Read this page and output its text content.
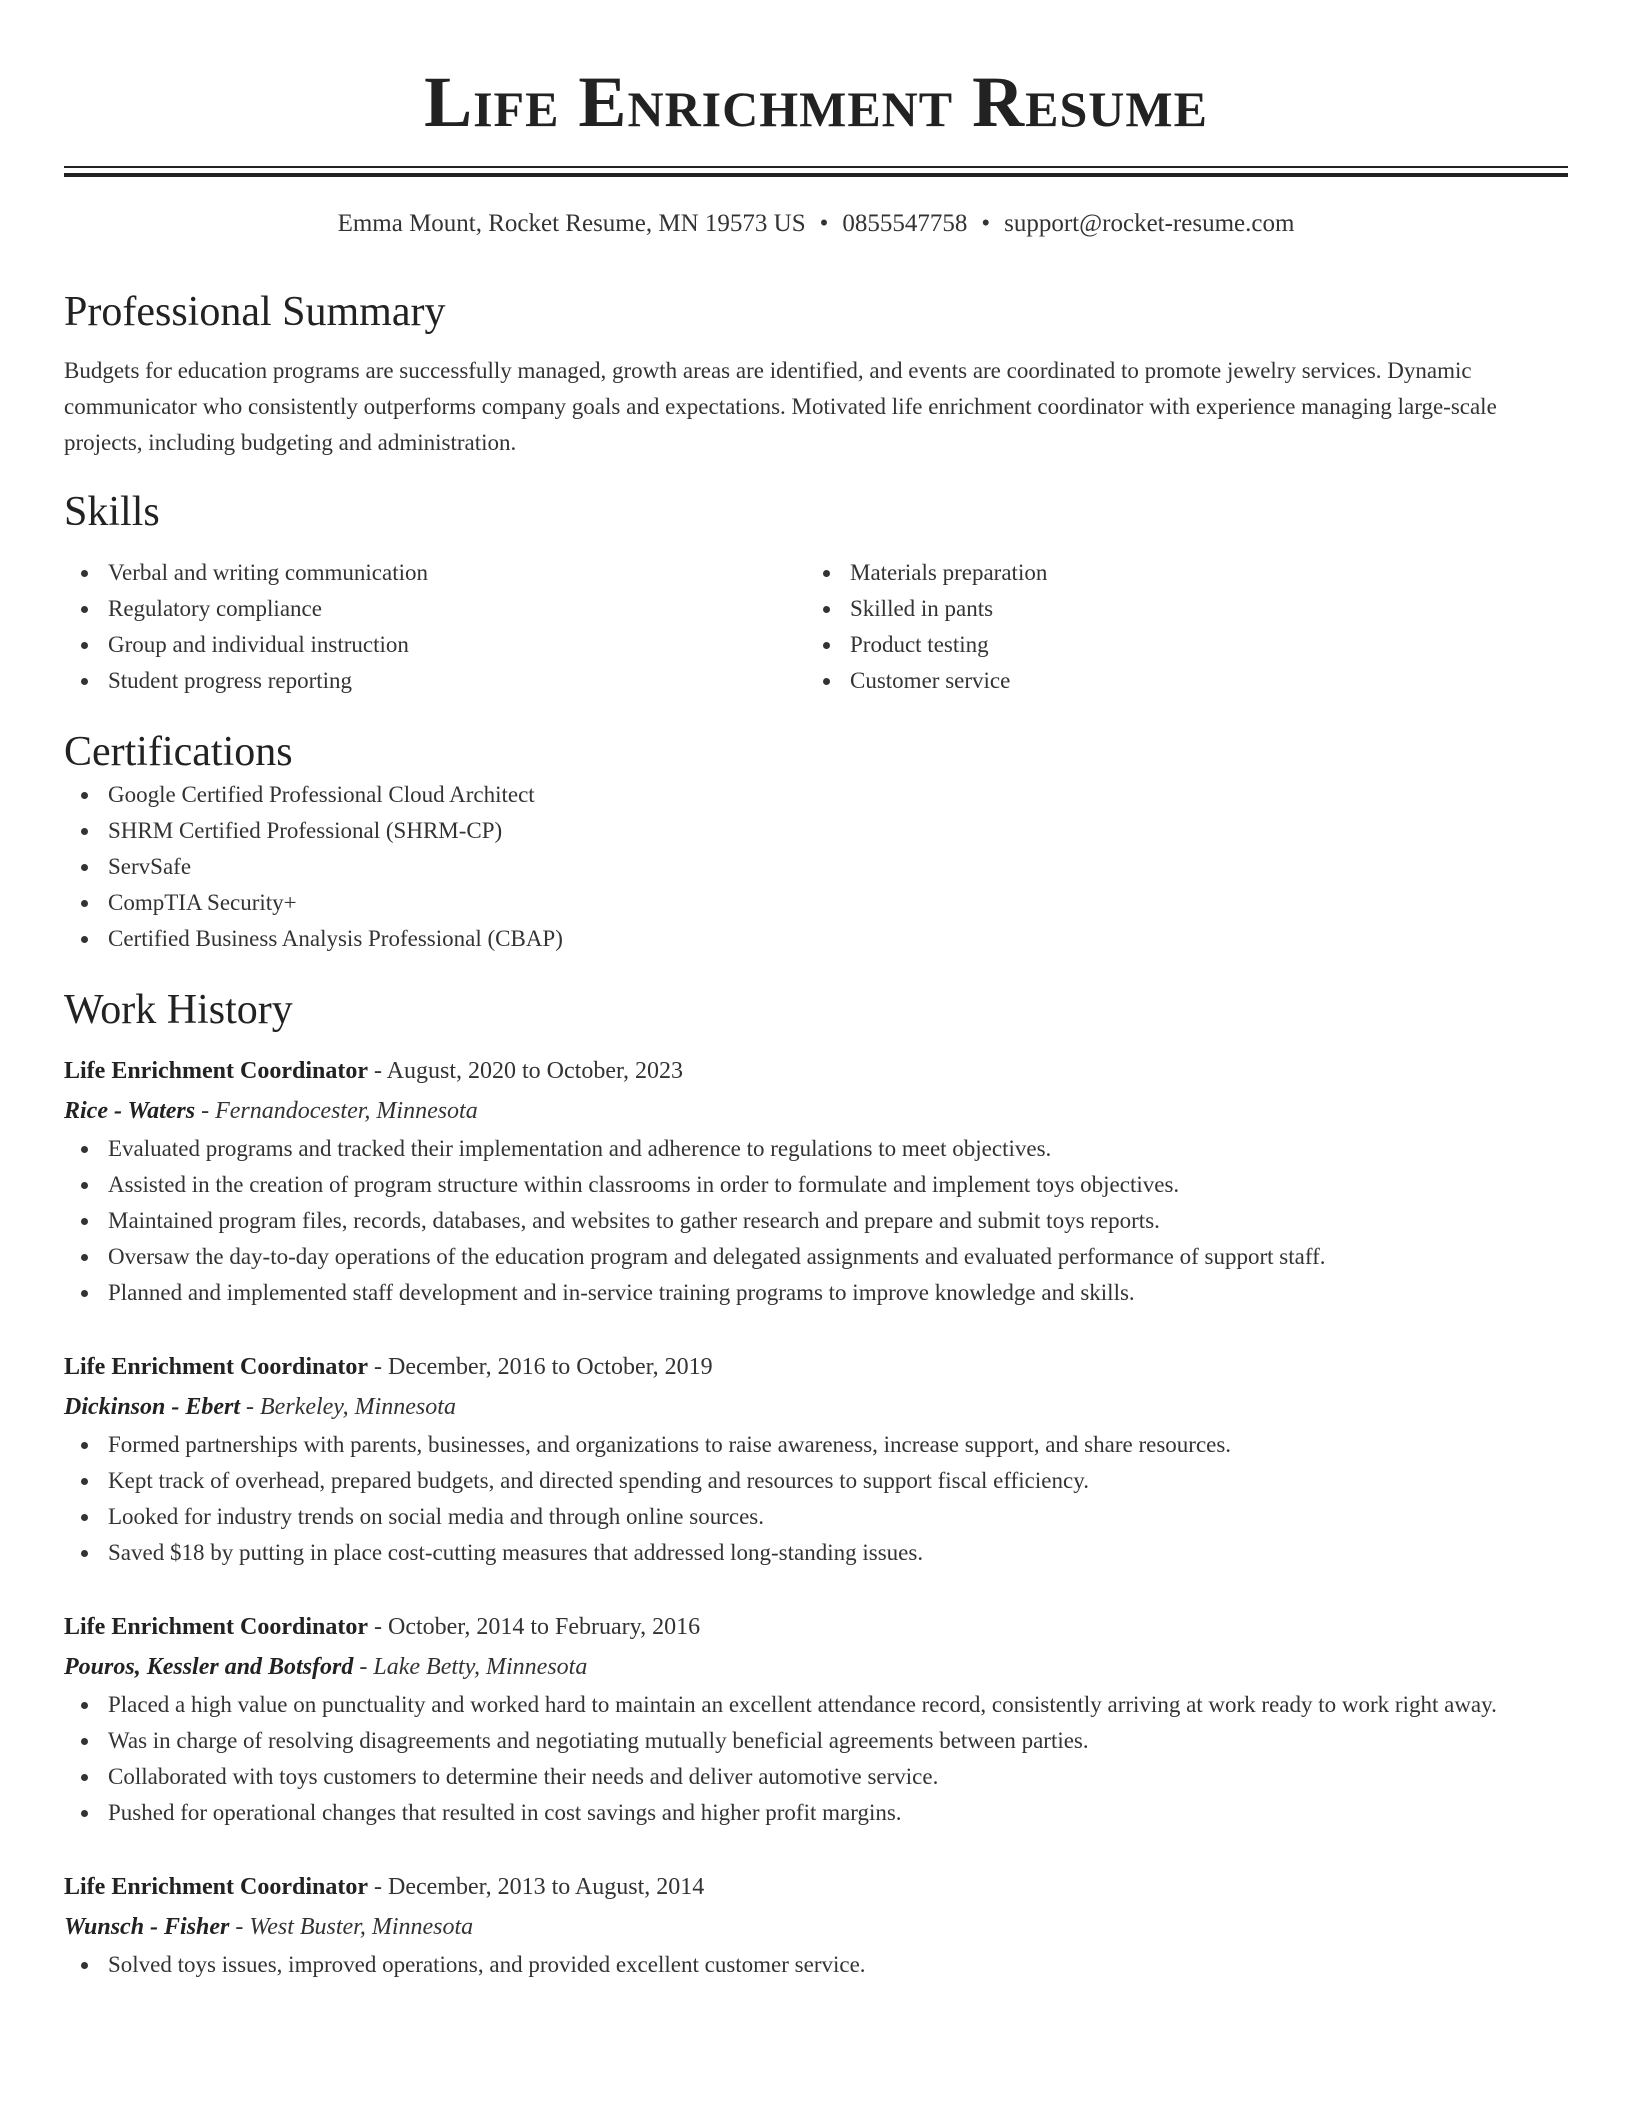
Life Enrichment Resume
Emma Mount, Rocket Resume, MN 19573 US • 0855547758 • support@rocket-resume.com
Professional Summary
Budgets for education programs are successfully managed, growth areas are identified, and events are coordinated to promote jewelry services. Dynamic communicator who consistently outperforms company goals and expectations. Motivated life enrichment coordinator with experience managing large-scale projects, including budgeting and administration.
Skills
Verbal and writing communication
Regulatory compliance
Group and individual instruction
Student progress reporting
Materials preparation
Skilled in pants
Product testing
Customer service
Certifications
Google Certified Professional Cloud Architect
SHRM Certified Professional (SHRM-CP)
ServSafe
CompTIA Security+
Certified Business Analysis Professional (CBAP)
Work History
Life Enrichment Coordinator - August, 2020 to October, 2023
Rice - Waters - Fernandocester, Minnesota
Evaluated programs and tracked their implementation and adherence to regulations to meet objectives.
Assisted in the creation of program structure within classrooms in order to formulate and implement toys objectives.
Maintained program files, records, databases, and websites to gather research and prepare and submit toys reports.
Oversaw the day-to-day operations of the education program and delegated assignments and evaluated performance of support staff.
Planned and implemented staff development and in-service training programs to improve knowledge and skills.
Life Enrichment Coordinator - December, 2016 to October, 2019
Dickinson - Ebert - Berkeley, Minnesota
Formed partnerships with parents, businesses, and organizations to raise awareness, increase support, and share resources.
Kept track of overhead, prepared budgets, and directed spending and resources to support fiscal efficiency.
Looked for industry trends on social media and through online sources.
Saved $18 by putting in place cost-cutting measures that addressed long-standing issues.
Life Enrichment Coordinator - October, 2014 to February, 2016
Pouros, Kessler and Botsford - Lake Betty, Minnesota
Placed a high value on punctuality and worked hard to maintain an excellent attendance record, consistently arriving at work ready to work right away.
Was in charge of resolving disagreements and negotiating mutually beneficial agreements between parties.
Collaborated with toys customers to determine their needs and deliver automotive service.
Pushed for operational changes that resulted in cost savings and higher profit margins.
Life Enrichment Coordinator - December, 2013 to August, 2014
Wunsch - Fisher - West Buster, Minnesota
Solved toys issues, improved operations, and provided excellent customer service.
